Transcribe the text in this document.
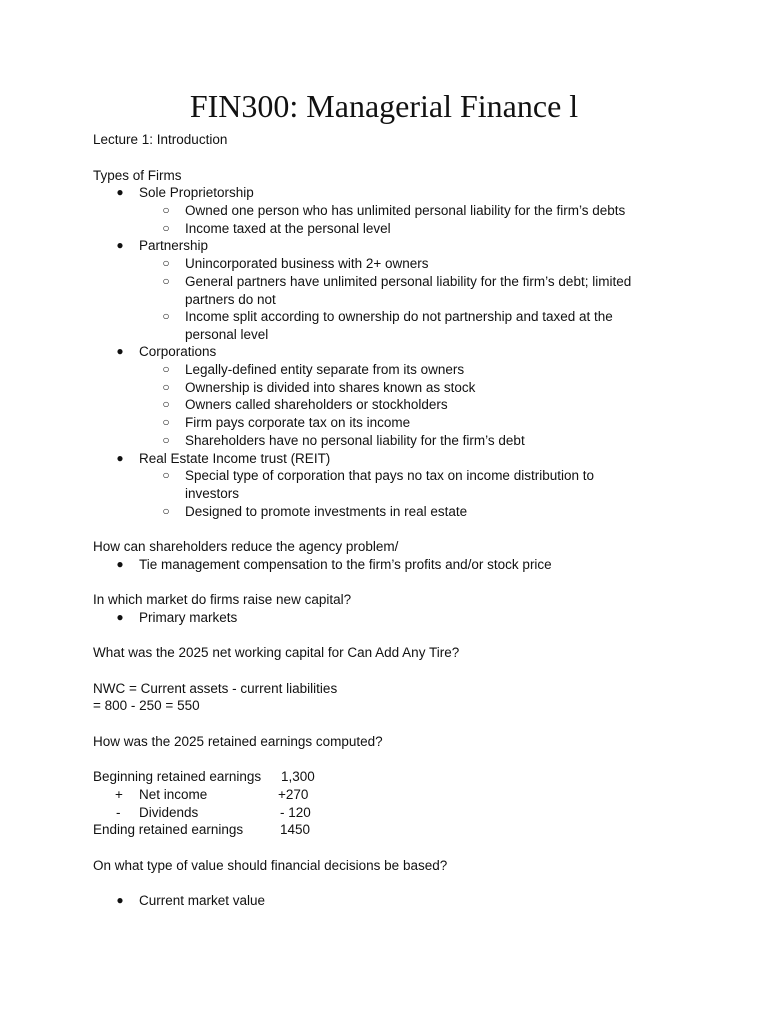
FIN300: Managerial Finance l
Lecture 1: Introduction
Types of Firms
● Sole Proprietorship
○ Owned one person who has unlimited personal liability for the firm’s debts
○ Income taxed at the personal level
● Partnership
○ Unincorporated business with 2+ owners
○ General partners have unlimited personal liability for the firm’s debt; limited partners do not
○ Income split according to ownership do not partnership and taxed at the personal level
● Corporations
○ Legally-defined entity separate from its owners
○ Ownership is divided into shares known as stock
○ Owners called shareholders or stockholders
○ Firm pays corporate tax on its income
○ Shareholders have no personal liability for the firm’s debt
● Real Estate Income trust (REIT)
○ Special type of corporation that pays no tax on income distribution to investors
○ Designed to promote investments in real estate
How can shareholders reduce the agency problem/
● Tie management compensation to the firm’s profits and/or stock price
In which market do firms raise new capital?
● Primary markets
What was the 2025 net working capital for Can Add Any Tire?
NWC = Current assets - current liabilities
= 800 - 250 = 550
How was the 2025 retained earnings computed?
Beginning retained earnings 1,300
+ Net income	+270
- Dividends	- 120
Ending retained earnings	1450
On what type of value should financial decisions be based?
● Current market value
